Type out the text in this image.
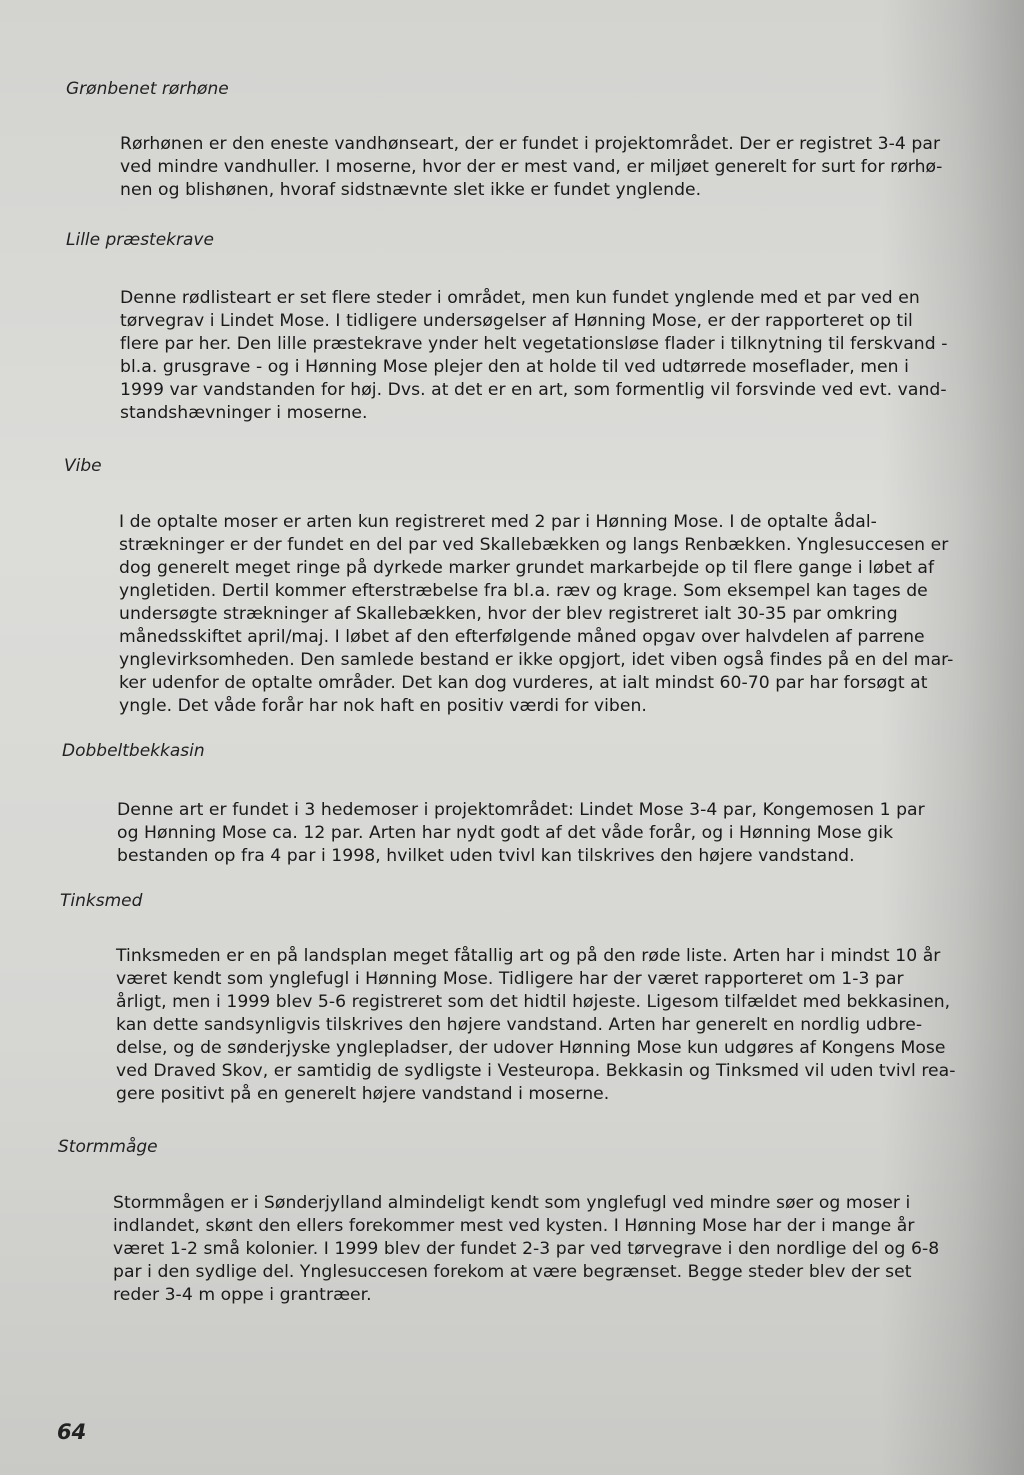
Grønbenet rørhøne
Rørhønen er den eneste vandhønseart, der er fundet i projektområdet. Der er registret 3-4 par
ved mindre vandhuller. I moserne, hvor der er mest vand, er miljøet generelt for surt for rørhø-
nen og blishønen, hvoraf sidstnævnte slet ikke er fundet ynglende.
Lille præstekrave
Denne rødlisteart er set flere steder i området, men kun fundet ynglende med et par ved en
tørvegrav i Lindet Mose. I tidligere undersøgelser af Hønning Mose, er der rapporteret op til
flere par her. Den lille præstekrave ynder helt vegetationsløse flader i tilknytning til ferskvand -
bl.a. grusgrave - og i Hønning Mose plejer den at holde til ved udtørrede moseflader, men i
1999 var vandstanden for høj. Dvs. at det er en art, som formentlig vil forsvinde ved evt. vand-
standshævninger i moserne.
Vibe
I de optalte moser er arten kun registreret med 2 par i Hønning Mose. I de optalte ådal-
strækninger er der fundet en del par ved Skallebækken og langs Renbækken. Ynglesuccesen er
dog generelt meget ringe på dyrkede marker grundet markarbejde op til flere gange i løbet af
yngletiden. Dertil kommer efterstræbelse fra bl.a. ræv og krage. Som eksempel kan tages de
undersøgte strækninger af Skallebækken, hvor der blev registreret ialt 30-35 par omkring
månedsskiftet april/maj. I løbet af den efterfølgende måned opgav over halvdelen af parrene
ynglevirksomheden. Den samlede bestand er ikke opgjort, idet viben også findes på en del mar-
ker udenfor de optalte områder. Det kan dog vurderes, at ialt mindst 60-70 par har forsøgt at
yngle. Det våde forår har nok haft en positiv værdi for viben.
Dobbeltbekkasin
Denne art er fundet i 3 hedemoser i projektområdet: Lindet Mose 3-4 par, Kongemosen 1 par
og Hønning Mose ca. 12 par. Arten har nydt godt af det våde forår, og i Hønning Mose gik
bestanden op fra 4 par i 1998, hvilket uden tvivl kan tilskrives den højere vandstand.
Tinksmed
Tinksmeden er en på landsplan meget fåtallig art og på den røde liste. Arten har i mindst 10 år
været kendt som ynglefugl i Hønning Mose. Tidligere har der været rapporteret om 1-3 par
årligt, men i 1999 blev 5-6 registreret som det hidtil højeste. Ligesom tilfældet med bekkasinen,
kan dette sandsynligvis tilskrives den højere vandstand. Arten har generelt en nordlig udbre-
delse, og de sønderjyske ynglepladser, der udover Hønning Mose kun udgøres af Kongens Mose
ved Draved Skov, er samtidig de sydligste i Vesteuropa. Bekkasin og Tinksmed vil uden tvivl rea-
gere positivt på en generelt højere vandstand i moserne.
Stormmåge
Stormmågen er i Sønderjylland almindeligt kendt som ynglefugl ved mindre søer og moser i
indlandet, skønt den ellers forekommer mest ved kysten. I Hønning Mose har der i mange år
været 1-2 små kolonier. I 1999 blev der fundet 2-3 par ved tørvegrave i den nordlige del og 6-8
par i den sydlige del. Ynglesuccesen forekom at være begrænset. Begge steder blev der set
reder 3-4 m oppe i grantræer.
64
